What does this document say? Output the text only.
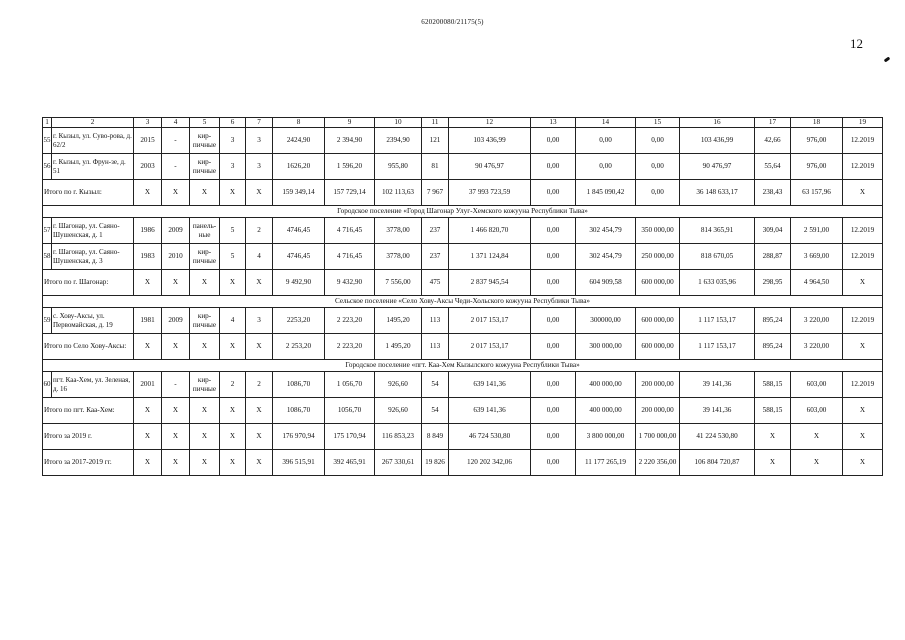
620200080/21175(5)
12
1	2	3	4	5	6	7	8	9	10	11	12	13	14	15	16	17	18	19
55	г. Кызыл, ул. Суво-рова, д. 62/2	2015	-	кир-пичные	3	3	2424,90	2 394,90	2394,90	121	103 436,99	0,00	0,00	0,00	103 436,99	42,66	976,00	12.2019
56	г. Кызыл, ул. Фрун-зе, д. 51	2003	-	кир-пичные	3	3	1626,20	1 596,20	955,80	81	90 476,97	0,00	0,00	0,00	90 476,97	55,64	976,00	12.2019
Итого по г. Кызыл:		X	X	X	X	X	159 349,14	157 729,14	102 113,63	7 967	37 993 723,59	0,00	1 845 090,42	0,00	36 148 633,17	238,43	63 157,96	X
Городское поселение «Город Шагонар Улуг-Хемского кожууна Республики Тыва»																		
57	г. Шагонар, ул. Саяно-Шушенская, д. 1	1986	2009	панель-ные	5	2	4746,45	4 716,45	3778,00	237	1 466 820,70	0,00	302 454,79	350 000,00	814 365,91	309,04	2 591,00	12.2019
58	г. Шагонар, ул. Саяно-Шушенская, д. 3	1983	2010	кир-пичные	5	4	4746,45	4 716,45	3778,00	237	1 371 124,84	0,00	302 454,79	250 000,00	818 670,05	288,87	3 669,00	12.2019
Итого по г. Шагонар:		X	X	X	X	X	9 492,90	9 432,90	7 556,00	475	2 837 945,54	0,00	604 909,58	600 000,00	1 633 035,96	298,95	4 964,50	X
Сельское поселение «Село Хову-Аксы Чеди-Хольского кожууна Республики Тыва»																		
59	с. Хову-Аксы, ул. Первомайская, д. 19	1981	2009	кир-пичные	4	3	2253,20	2 223,20	1495,20	113	2 017 153,17	0,00	300000,00	600 000,00	1 117 153,17	895,24	3 220,00	12.2019
Итого по Село Хову-Аксы:		X	X	X	X	X	2 253,20	2 223,20	1 495,20	113	2 017 153,17	0,00	300 000,00	600 000,00	1 117 153,17	895,24	3 220,00	X
Городское поселение «пгт. Каа-Хем Кызылского кожууна Республики Тыва»																		
60	пгт. Каа-Хем, ул. Зеленая, д. 16	2001	-	кир-пичные	2	2	1086,70	1 056,70	926,60	54	639 141,36	0,00	400 000,00	200 000,00	39 141,36	588,15	603,00	12.2019
Итого по пгт. Каа-Хем:		X	X	X	X	X	1086,70	1056,70	926,60	54	639 141,36	0,00	400 000,00	200 000,00	39 141,36	588,15	603,00	X
Итого за 2019 г.		X	X	X	X	X	176 970,94	175 170,94	116 853,23	8 849	46 724 530,80	0,00	3 800 000,00	1 700 000,00	41 224 530,80	X	X	X
Итого за 2017-2019 гг.		X	X	X	X	X	396 515,91	392 465,91	267 330,61	19 826	120 202 342,06	0,00	11 177 265,19	2 220 356,00	106 804 720,87	X	X	X
